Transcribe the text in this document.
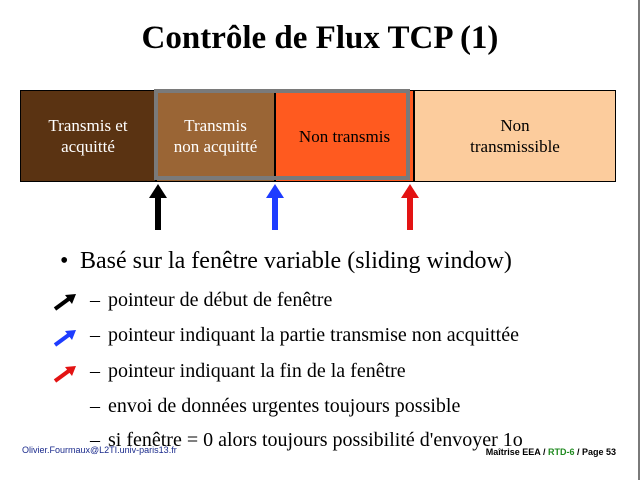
Contrôle de Flux TCP (1)
Transmis et
acquitté
Transmis
non acquitté
Non transmis
Non
transmissible
• Basé sur la fenêtre variable (sliding window)
– pointeur de début de fenêtre
– pointeur indiquant la partie transmise non acquittée
– pointeur indiquant la fin de la fenêtre
– envoi de données urgentes toujours possible
– si fenêtre = 0 alors toujours possibilité d'envoyer 1o
Olivier.Fourmaux@L2TI.univ-paris13.fr	Maîtrise EEA / RTD-6 / Page 53
